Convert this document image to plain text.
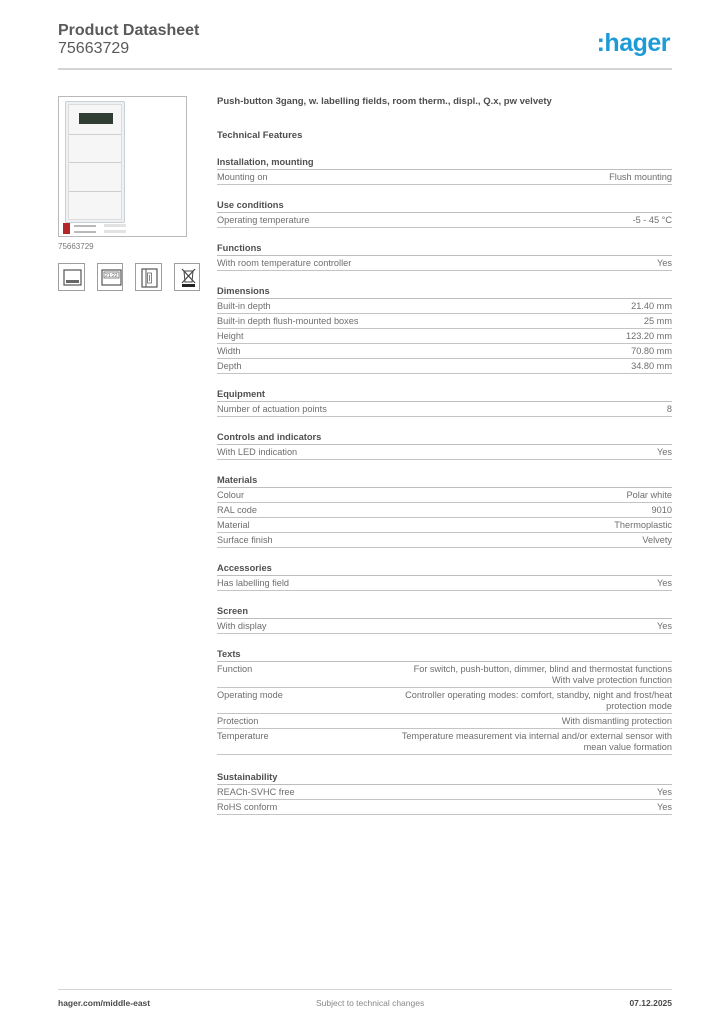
Product Datasheet
75663729	:hager
75663729
21:22
Push-button 3gang, w. labelling fields, room therm., displ., Q.x, pw velvety
Technical Features
Installation, mounting
Mounting on	Flush mounting
Use conditions
Operating temperature	-5 - 45 °C
Functions
With room temperature controller	Yes
Dimensions
Built-in depth	21.40 mm
Built-in depth flush-mounted boxes	25 mm
Height	123.20 mm
Width	70.80 mm
Depth	34.80 mm
Equipment
Number of actuation points	8
Controls and indicators
With LED indication	Yes
Materials
Colour	Polar white
RAL code	9010
Material	Thermoplastic
Surface finish	Velvety
Accessories
Has labelling field	Yes
Screen
With display	Yes
Texts
Function	For switch, push-button, dimmer, blind and thermostat functions
With valve protection function
Operating mode	Controller operating modes: comfort, standby, night and frost/heat
protection mode
Protection	With dismantling protection
Temperature	Temperature measurement via internal and/or external sensor with
mean value formation
Sustainability
REACh-SVHC free	Yes
RoHS conform	Yes
hager.com/middle-east	Subject to technical changes	07.12.2025
